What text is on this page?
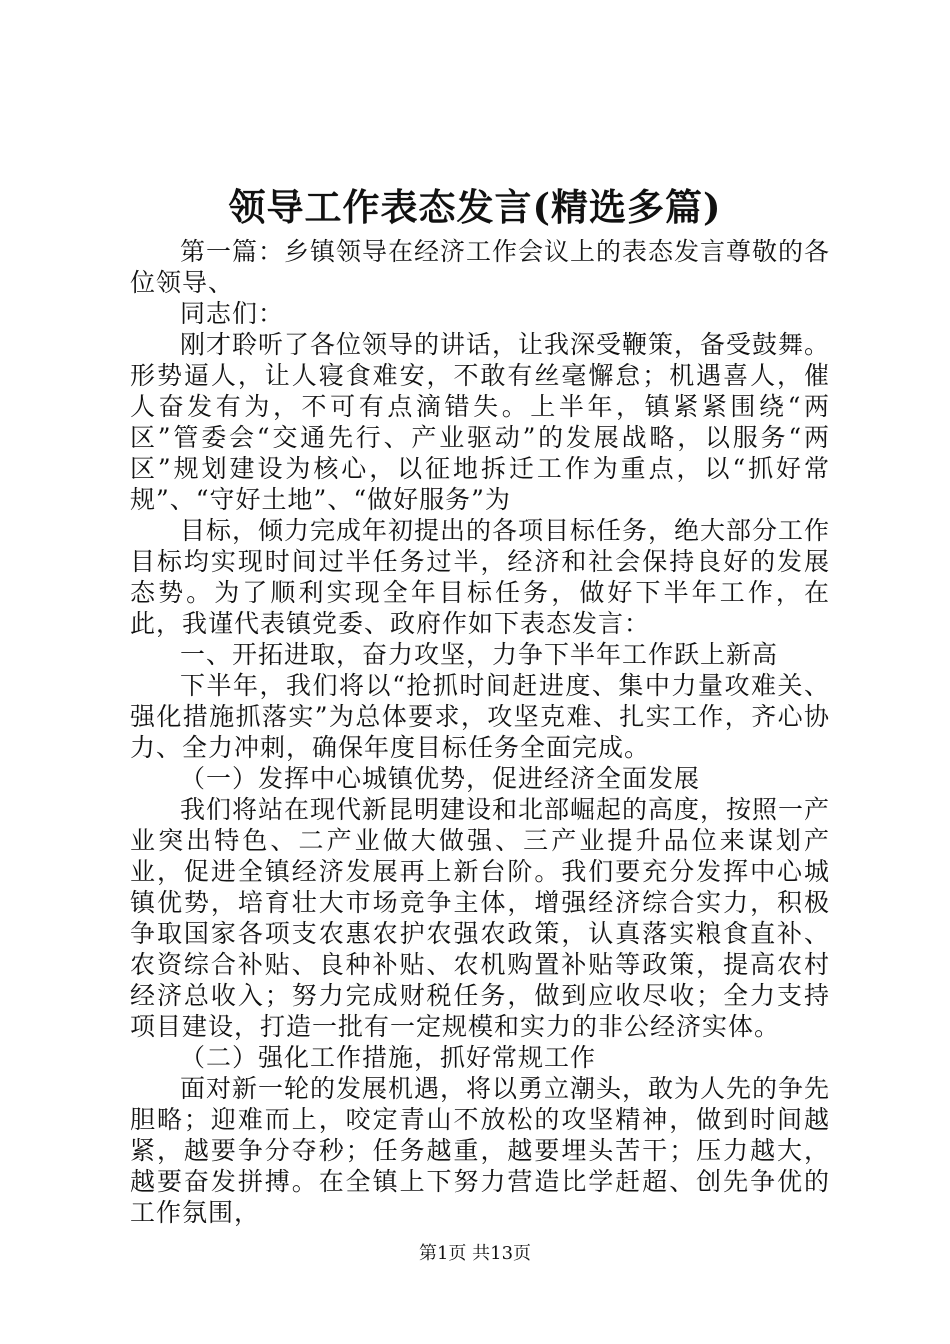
领导工作表态发言(精选多篇)

第一篇：乡镇领导在经济工作会议上的表态发言尊敬的各位领导、

同志们：

刚才聆听了各位领导的讲话，让我深受鞭策，备受鼓舞。形势逼人，让人寝食难安，不敢有丝毫懈怠；机遇喜人，催人奋发有为，不可有点滴错失。上半年，镇紧紧围绕“两区”管委会“交通先行、产业驱动”的发展战略，以服务“两区”规划建设为核心，以征地拆迁工作为重点，以“抓好常规”、“守好土地”、“做好服务”为

目标，倾力完成年初提出的各项目标任务，绝大部分工作目标均实现时间过半任务过半，经济和社会保持良好的发展态势。为了顺利实现全年目标任务，做好下半年工作，在此，我谨代表镇党委、政府作如下表态发言：

一、开拓进取，奋力攻坚，力争下半年工作跃上新高

下半年，我们将以“抢抓时间赶进度、集中力量攻难关、强化措施抓落实”为总体要求，攻坚克难、扎实工作，齐心协力、全力冲刺，确保年度目标任务全面完成。

（一）发挥中心城镇优势，促进经济全面发展

我们将站在现代新昆明建设和北部崛起的高度，按照一产业突出特色、二产业做大做强、三产业提升品位来谋划产业，促进全镇经济发展再上新台阶。我们要充分发挥中心城镇优势，培育壮大市场竞争主体，增强经济综合实力，积极争取国家各项支农惠农护农强农政策，认真落实粮食直补、农资综合补贴、良种补贴、农机购置补贴等政策，提高农村经济总收入；努力完成财税任务，做到应收尽收；全力支持项目建设，打造一批有一定规模和实力的非公经济实体。

（二）强化工作措施，抓好常规工作

面对新一轮的发展机遇，将以勇立潮头，敢为人先的争先胆略；迎难而上，咬定青山不放松的攻坚精神，做到时间越紧，越要争分夺秒；任务越重，越要埋头苦干；压力越大，越要奋发拼搏。在全镇上下努力营造比学赶超、创先争优的工作氛围，

第1页 共13页
